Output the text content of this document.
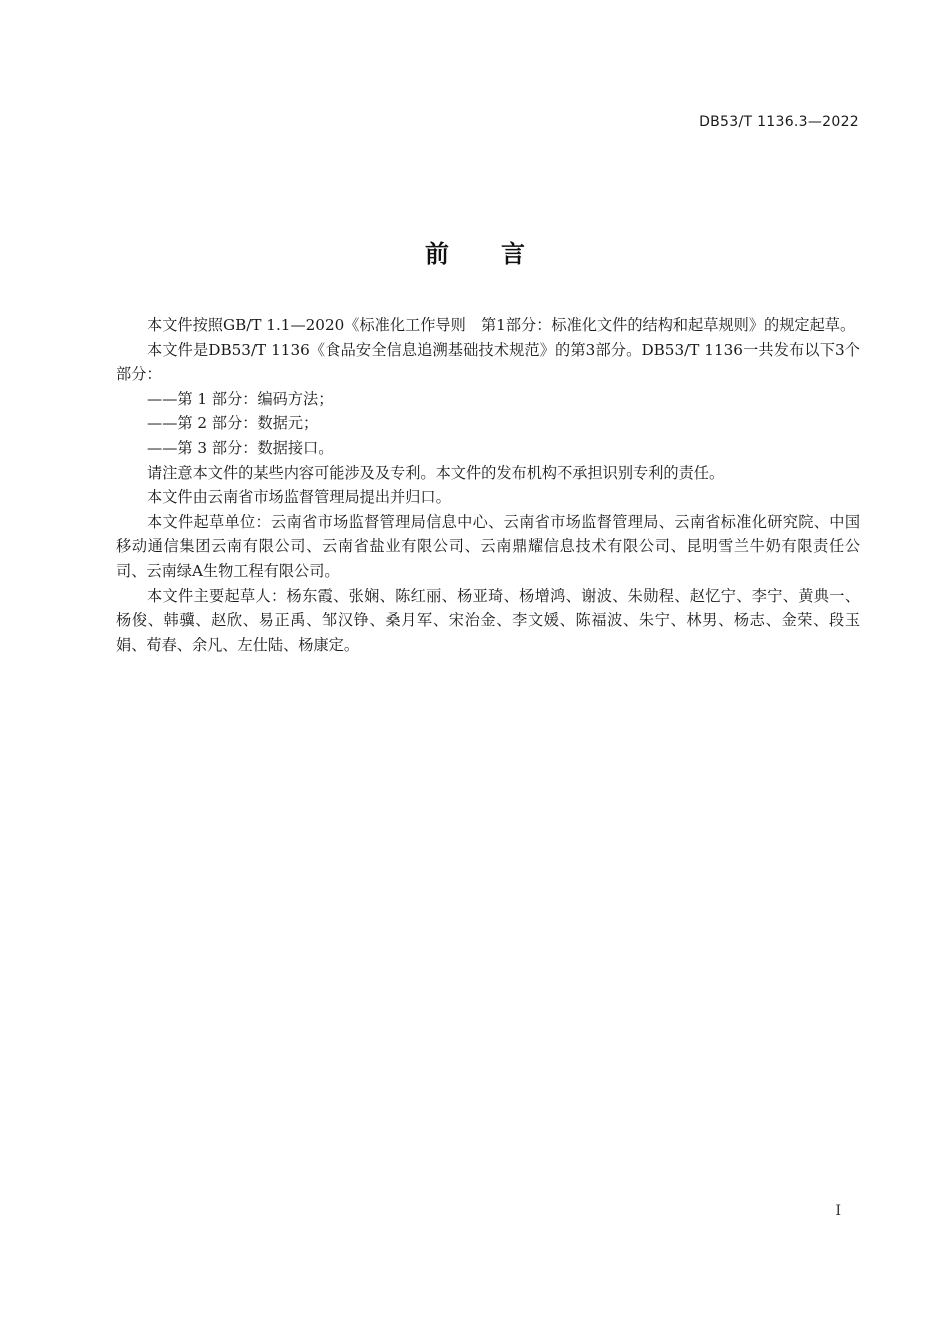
DB53/T 1136.3—2022
前 言

本文件按照GB/T 1.1—2020《标准化工作导则　第1部分：标准化文件的结构和起草规则》的规定起草。

本文件是DB53/T 1136《食品安全信息追溯基础技术规范》的第3部分。DB53/T 1136一共发布以下3个部分：

——第 1 部分：编码方法；

——第 2 部分：数据元；

——第 3 部分：数据接口。

请注意本文件的某些内容可能涉及及专利。本文件的发布机构不承担识别专利的责任。

本文件由云南省市场监督管理局提出并归口。

本文件起草单位：云南省市场监督管理局信息中心、云南省市场监督管理局、云南省标准化研究院、中国移动通信集团云南有限公司、云南省盐业有限公司、云南鼎耀信息技术有限公司、昆明雪兰牛奶有限责任公司、云南绿A生物工程有限公司。

本文件主要起草人：杨东霞、张娴、陈红丽、杨亚琦、杨增鸿、谢波、朱勋程、赵忆宁、李宁、黄典一、杨俊、韩骥、赵欣、易正禹、邹汉铮、桑月军、宋治金、李文媛、陈福波、朱宁、林男、杨志、金荣、段玉娟、荀春、余凡、左仕陆、杨康定。

I
